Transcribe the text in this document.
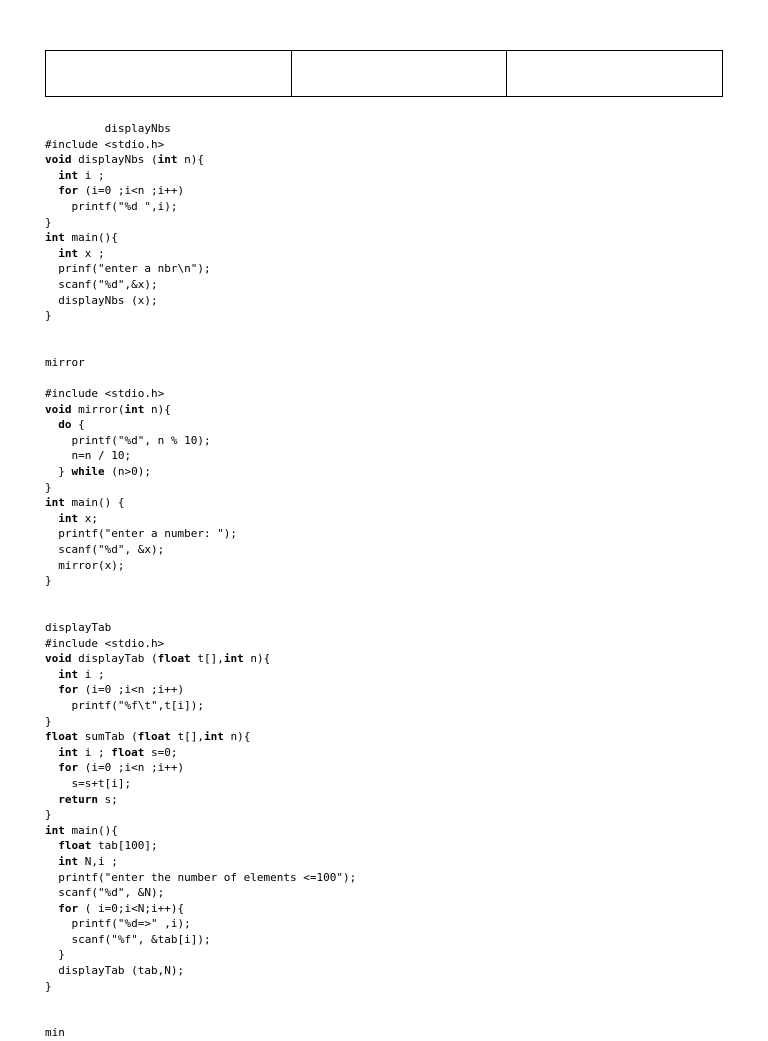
displayNbs
#include <stdio.h>
void displayNbs (int n){
int i ;
for (i=0 ;i<n ;i++)
printf("%d ",i);
}
int main(){
int x ;
prinf("enter a nbr\n");
scanf("%d",&x);
displayNbs (x);
}
mirror
#include <stdio.h>
void mirror(int n){
do {
printf("%d", n % 10);
n=n / 10;
} while (n>0);
}
int main() {
int x;
printf("enter a number: ");
scanf("%d", &x);
mirror(x);
}
displayTab
#include <stdio.h>
void displayTab (float t[],int n){
int i ;
for (i=0 ;i<n ;i++)
printf("%f\t",t[i]);
}
float sumTab (float t[],int n){
int i ; float s=0;
for (i=0 ;i<n ;i++)
s=s+t[i];
return s;
}
int main(){
float tab[100];
int N,i ;
printf("enter the number of elements <=100");
scanf("%d", &N);
for ( i=0;i<N;i++){
printf("%d=>" ,i);
scanf("%f", &tab[i]);
}
displayTab (tab,N);
}
min
